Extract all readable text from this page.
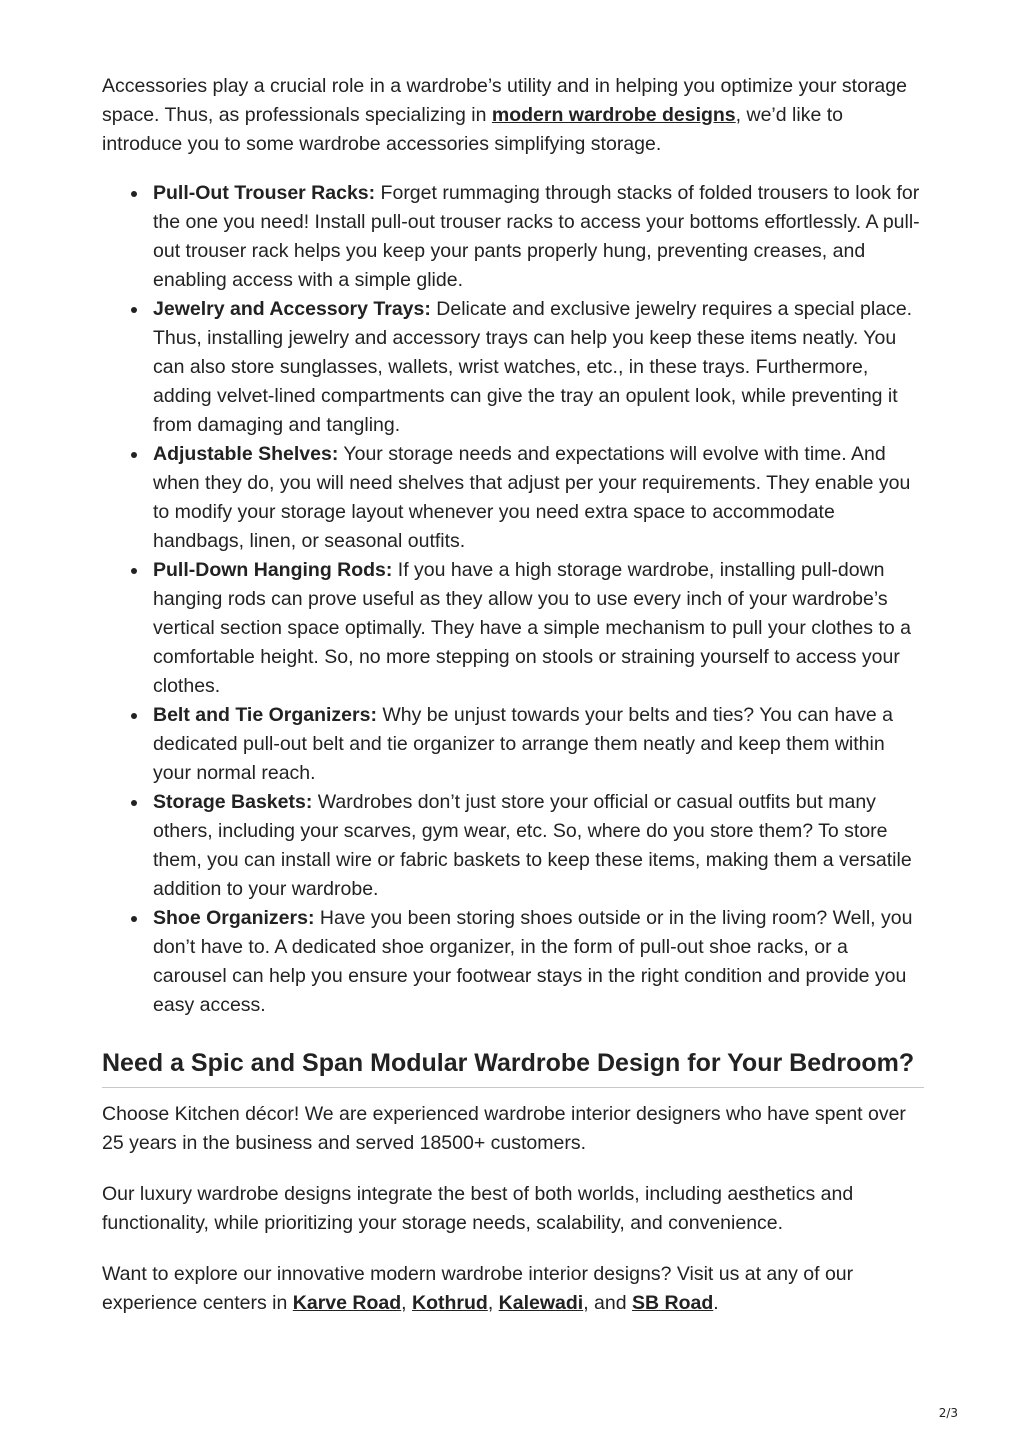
Accessories play a crucial role in a wardrobe’s utility and in helping you optimize your storage space. Thus, as professionals specializing in modern wardrobe designs, we’d like to introduce you to some wardrobe accessories simplifying storage.

Pull-Out Trouser Racks: Forget rummaging through stacks of folded trousers to look for the one you need! Install pull-out trouser racks to access your bottoms effortlessly. A pull-out trouser rack helps you keep your pants properly hung, preventing creases, and enabling access with a simple glide.
Jewelry and Accessory Trays: Delicate and exclusive jewelry requires a special place. Thus, installing jewelry and accessory trays can help you keep these items neatly. You can also store sunglasses, wallets, wrist watches, etc., in these trays. Furthermore, adding velvet-lined compartments can give the tray an opulent look, while preventing it from damaging and tangling.
Adjustable Shelves: Your storage needs and expectations will evolve with time. And when they do, you will need shelves that adjust per your requirements. They enable you to modify your storage layout whenever you need extra space to accommodate handbags, linen, or seasonal outfits.
Pull-Down Hanging Rods: If you have a high storage wardrobe, installing pull-down hanging rods can prove useful as they allow you to use every inch of your wardrobe’s vertical section space optimally. They have a simple mechanism to pull your clothes to a comfortable height. So, no more stepping on stools or straining yourself to access your clothes.
Belt and Tie Organizers: Why be unjust towards your belts and ties? You can have a dedicated pull-out belt and tie organizer to arrange them neatly and keep them within your normal reach.
Storage Baskets: Wardrobes don’t just store your official or casual outfits but many others, including your scarves, gym wear, etc. So, where do you store them? To store them, you can install wire or fabric baskets to keep these items, making them a versatile addition to your wardrobe.
Shoe Organizers: Have you been storing shoes outside or in the living room? Well, you don’t have to. A dedicated shoe organizer, in the form of pull-out shoe racks, or a carousel can help you ensure your footwear stays in the right condition and provide you easy access.
Need a Spic and Span Modular Wardrobe Design for Your Bedroom?

Choose Kitchen décor! We are experienced wardrobe interior designers who have spent over 25 years in the business and served 18500+ customers.

Our luxury wardrobe designs integrate the best of both worlds, including aesthetics and functionality, while prioritizing your storage needs, scalability, and convenience.

Want to explore our innovative modern wardrobe interior designs? Visit us at any of our experience centers in Karve Road, Kothrud, Kalewadi, and SB Road.

2/3
